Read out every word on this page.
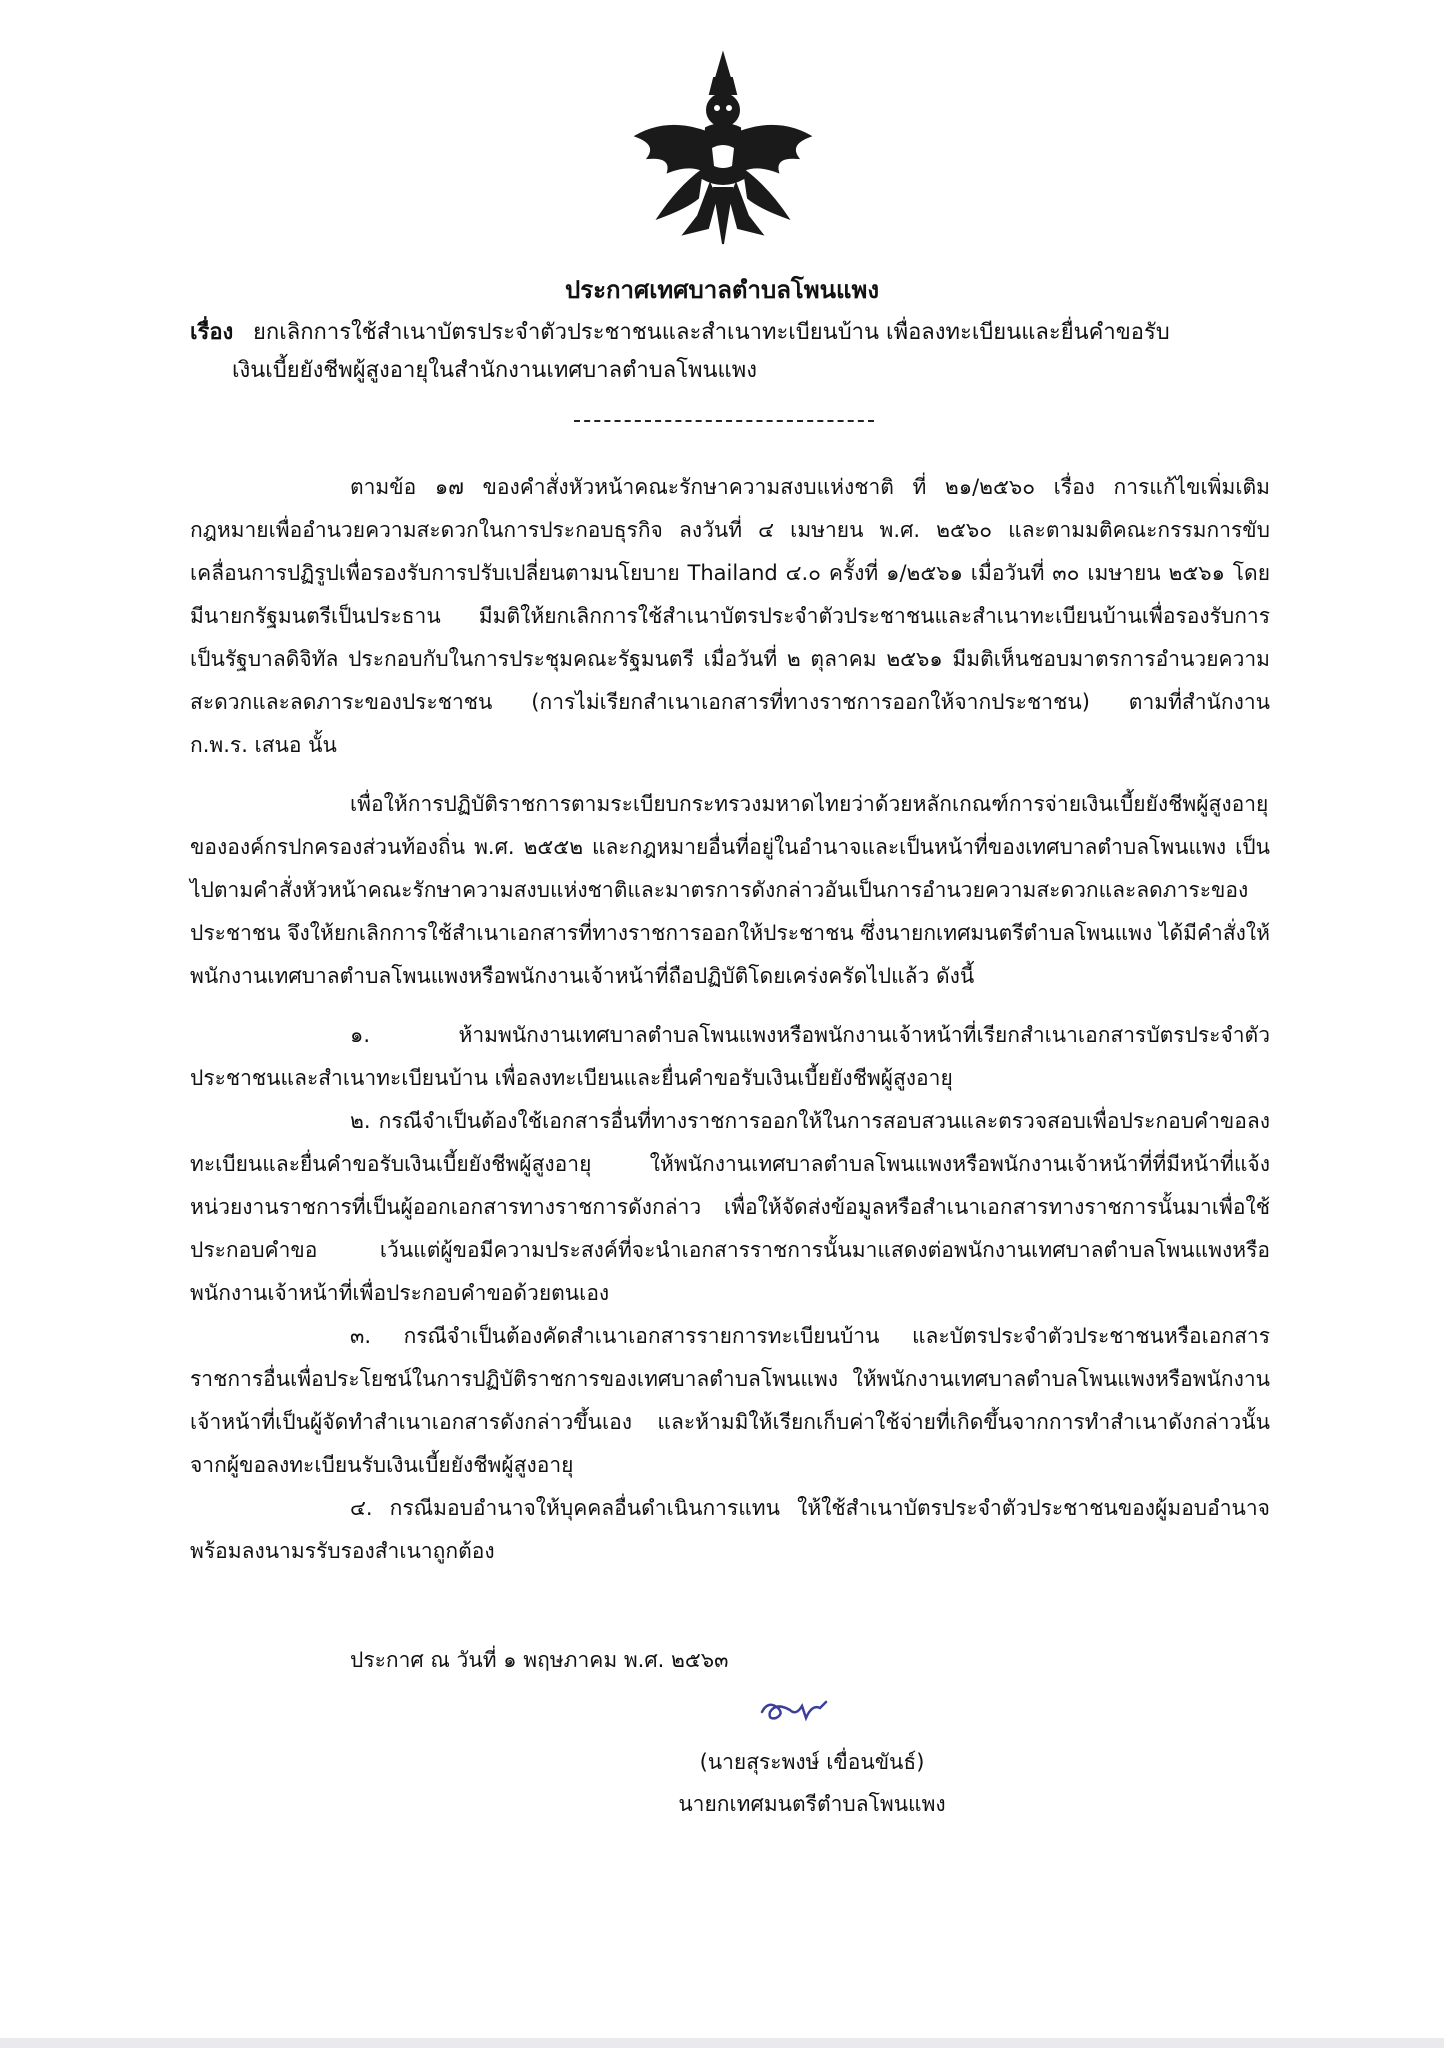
ประกาศเทศบาลตำบลโพนแพง
เรื่อง ยกเลิกการใช้สำเนาบัตรประจำตัวประชาชนและสำเนาทะเบียนบ้าน เพื่อลงทะเบียนและยื่นคำขอรับ
เงินเบี้ยยังชีพผู้สูงอายุในสำนักงานเทศบาลตำบลโพนแพง

ตามข้อ ๑๗ ของคำสั่งหัวหน้าคณะรักษาความสงบแห่งชาติ ที่ ๒๑/๒๕๖๐ เรื่อง การแก้ไขเพิ่มเติมกฎหมายเพื่ออำนวยความสะดวกในการประกอบธุรกิจ ลงวันที่ ๔ เมษายน พ.ศ. ๒๕๖๐ และตามมติคณะกรรมการขับเคลื่อนการปฏิรูปเพื่อรองรับการปรับเปลี่ยนตามนโยบาย Thailand ๔.๐ ครั้งที่ ๑/๒๕๖๑ เมื่อวันที่ ๓๐ เมษายน ๒๕๖๑ โดยมีนายกรัฐมนตรีเป็นประธาน มีมติให้ยกเลิกการใช้สำเนาบัตรประจำตัวประชาชนและสำเนาทะเบียนบ้านเพื่อรองรับการเป็นรัฐบาลดิจิทัล ประกอบกับในการประชุมคณะรัฐมนตรี เมื่อวันที่ ๒ ตุลาคม ๒๕๖๑ มีมติเห็นชอบมาตรการอำนวยความสะดวกและลดภาระของประชาชน (การไม่เรียกสำเนาเอกสารที่ทางราชการออกให้จากประชาชน) ตามที่สำนักงาน ก.พ.ร. เสนอ นั้น

เพื่อให้การปฏิบัติราชการตามระเบียบกระทรวงมหาดไทยว่าด้วยหลักเกณฑ์การจ่ายเงินเบี้ยยังชีพผู้สูงอายุขององค์กรปกครองส่วนท้องถิ่น พ.ศ. ๒๕๕๒ และกฎหมายอื่นที่อยู่ในอำนาจและเป็นหน้าที่ของเทศบาลตำบลโพนแพง เป็นไปตามคำสั่งหัวหน้าคณะรักษาความสงบแห่งชาติและมาตรการดังกล่าวอันเป็นการอำนวยความสะดวกและลดภาระของประชาชน จึงให้ยกเลิกการใช้สำเนาเอกสารที่ทางราชการออกให้ประชาชน ซึ่งนายกเทศมนตรีตำบลโพนแพง ได้มีคำสั่งให้พนักงานเทศบาลตำบลโพนแพงหรือพนักงานเจ้าหน้าที่ถือปฏิบัติโดยเคร่งครัดไปแล้ว ดังนี้

๑. ห้ามพนักงานเทศบาลตำบลโพนแพงหรือพนักงานเจ้าหน้าที่เรียกสำเนาเอกสารบัตรประจำตัวประชาชนและสำเนาทะเบียนบ้าน เพื่อลงทะเบียนและยื่นคำขอรับเงินเบี้ยยังชีพผู้สูงอายุ

๒. กรณีจำเป็นต้องใช้เอกสารอื่นที่ทางราชการออกให้ในการสอบสวนและตรวจสอบเพื่อประกอบคำขอลงทะเบียนและยื่นคำขอรับเงินเบี้ยยังชีพผู้สูงอายุ ให้พนักงานเทศบาลตำบลโพนแพงหรือพนักงานเจ้าหน้าที่ที่มีหน้าที่แจ้งหน่วยงานราชการที่เป็นผู้ออกเอกสารทางราชการดังกล่าว เพื่อให้จัดส่งข้อมูลหรือสำเนาเอกสารทางราชการนั้นมาเพื่อใช้ประกอบคำขอ เว้นแต่ผู้ขอมีความประสงค์ที่จะนำเอกสารราชการนั้นมาแสดงต่อพนักงานเทศบาลตำบลโพนแพงหรือพนักงานเจ้าหน้าที่เพื่อประกอบคำขอด้วยตนเอง

๓. กรณีจำเป็นต้องคัดสำเนาเอกสารรายการทะเบียนบ้าน และบัตรประจำตัวประชาชนหรือเอกสารราชการอื่นเพื่อประโยชน์ในการปฏิบัติราชการของเทศบาลตำบลโพนแพง ให้พนักงานเทศบาลตำบลโพนแพงหรือพนักงานเจ้าหน้าที่เป็นผู้จัดทำสำเนาเอกสารดังกล่าวขึ้นเอง และห้ามมิให้เรียกเก็บค่าใช้จ่ายที่เกิดขึ้นจากการทำสำเนาดังกล่าวนั้นจากผู้ขอลงทะเบียนรับเงินเบี้ยยังชีพผู้สูงอายุ

๔. กรณีมอบอำนาจให้บุคคลอื่นดำเนินการแทน ให้ใช้สำเนาบัตรประจำตัวประชาชนของผู้มอบอำนาจพร้อมลงนามรรับรองสำเนาถูกต้อง

ประกาศ ณ วันที่ ๑ พฤษภาคม พ.ศ. ๒๕๖๓
(นายสุระพงษ์ เขื่อนขันธ์)
นายกเทศมนตรีตำบลโพนแพง
